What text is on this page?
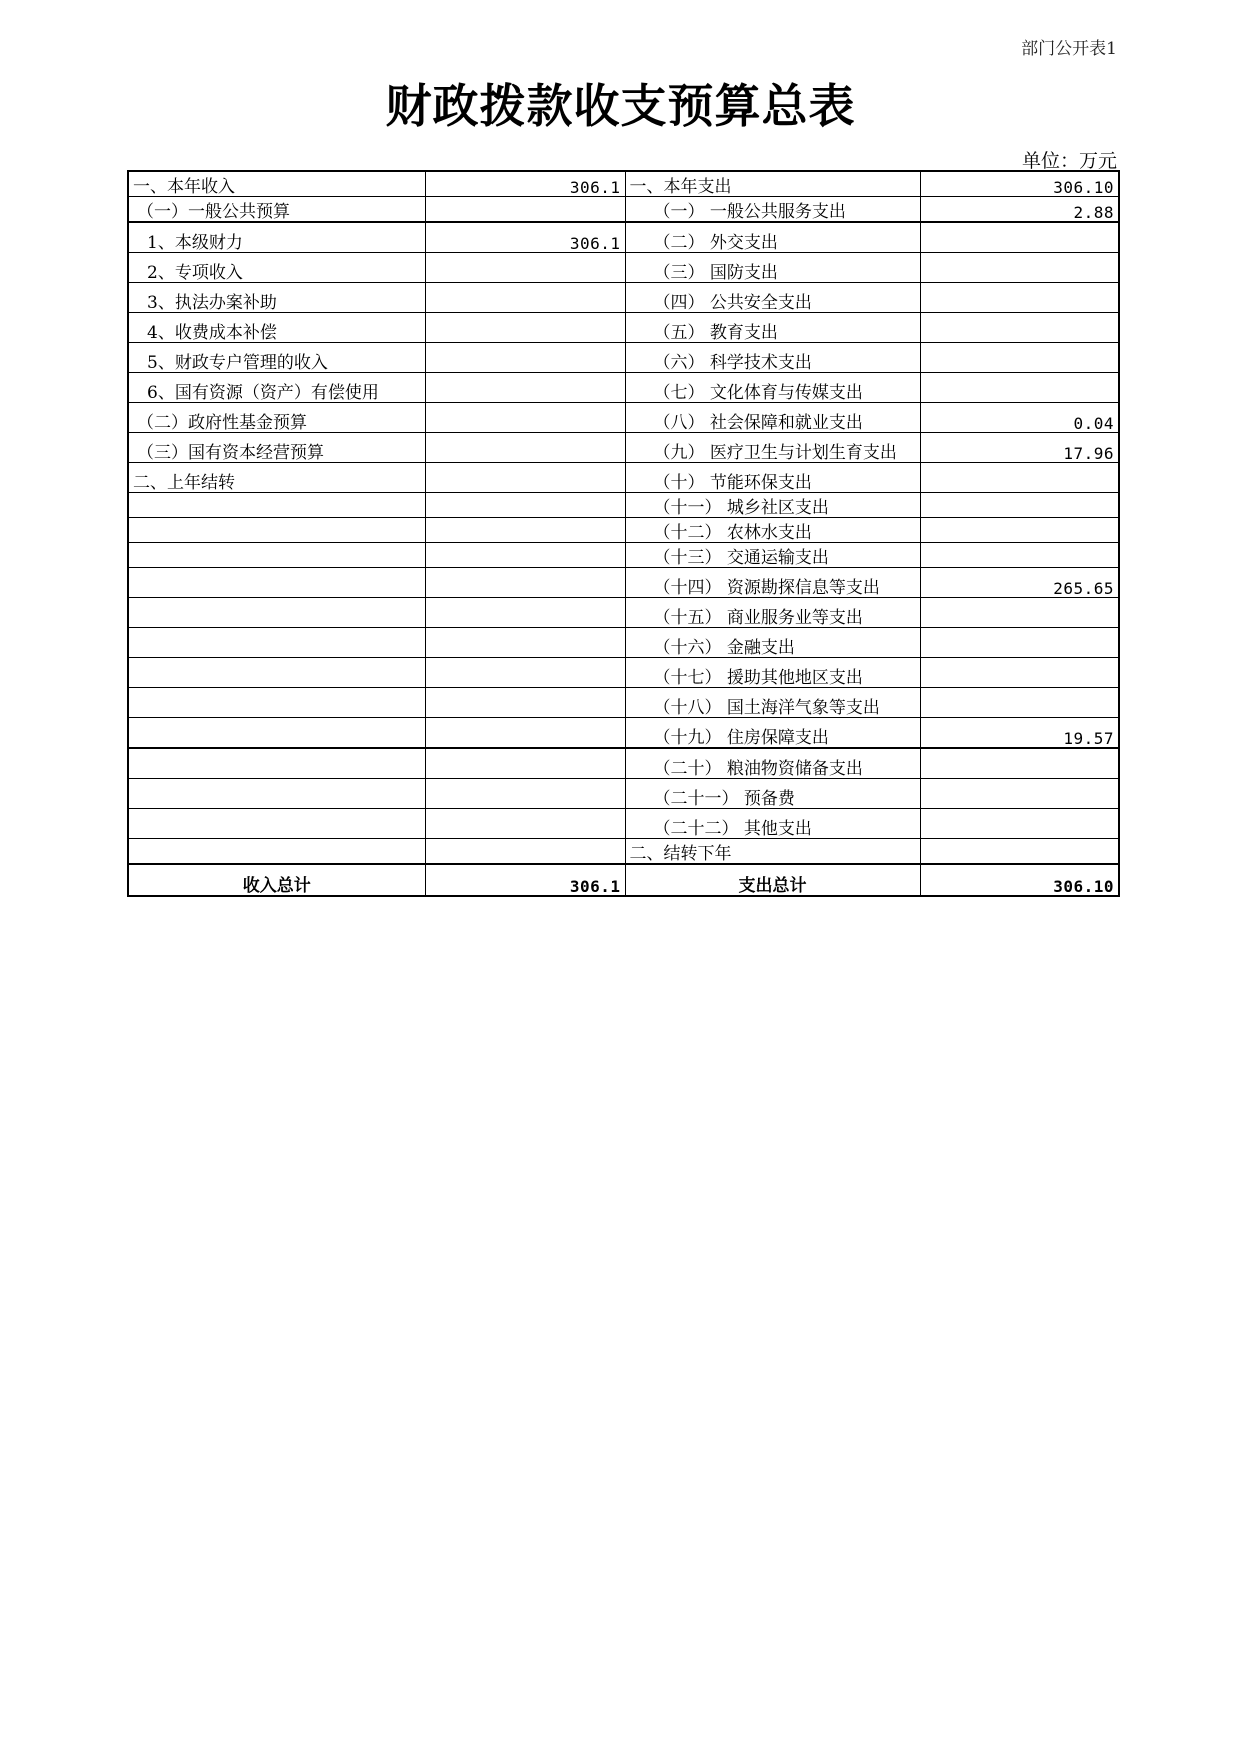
部门公开表1
财政拨款收支预算总表
单位：万元
一、本年收入	306.1	一、本年支出	306.10
（一）一般公共预算		（一） 一般公共服务支出	2.88
1、本级财力	306.1	（二） 外交支出	
2、专项收入		（三） 国防支出	
3、执法办案补助		（四） 公共安全支出	
4、收费成本补偿		（五） 教育支出	
5、财政专户管理的收入		（六） 科学技术支出	
6、国有资源（资产）有偿使用		（七） 文化体育与传媒支出	
（二）政府性基金预算		（八） 社会保障和就业支出	0.04
（三）国有资本经营预算		（九） 医疗卫生与计划生育支出	17.96
二、上年结转		（十） 节能环保支出	
		（十一） 城乡社区支出	
		（十二） 农林水支出	
		（十三） 交通运输支出	
		（十四） 资源勘探信息等支出	265.65
		（十五） 商业服务业等支出	
		（十六） 金融支出	
		（十七） 援助其他地区支出	
		（十八） 国土海洋气象等支出	
		（十九） 住房保障支出	19.57
		（二十） 粮油物资储备支出	
		（二十一） 预备费	
		（二十二） 其他支出	
		二、结转下年	
收入总计	306.1	支出总计	306.10
